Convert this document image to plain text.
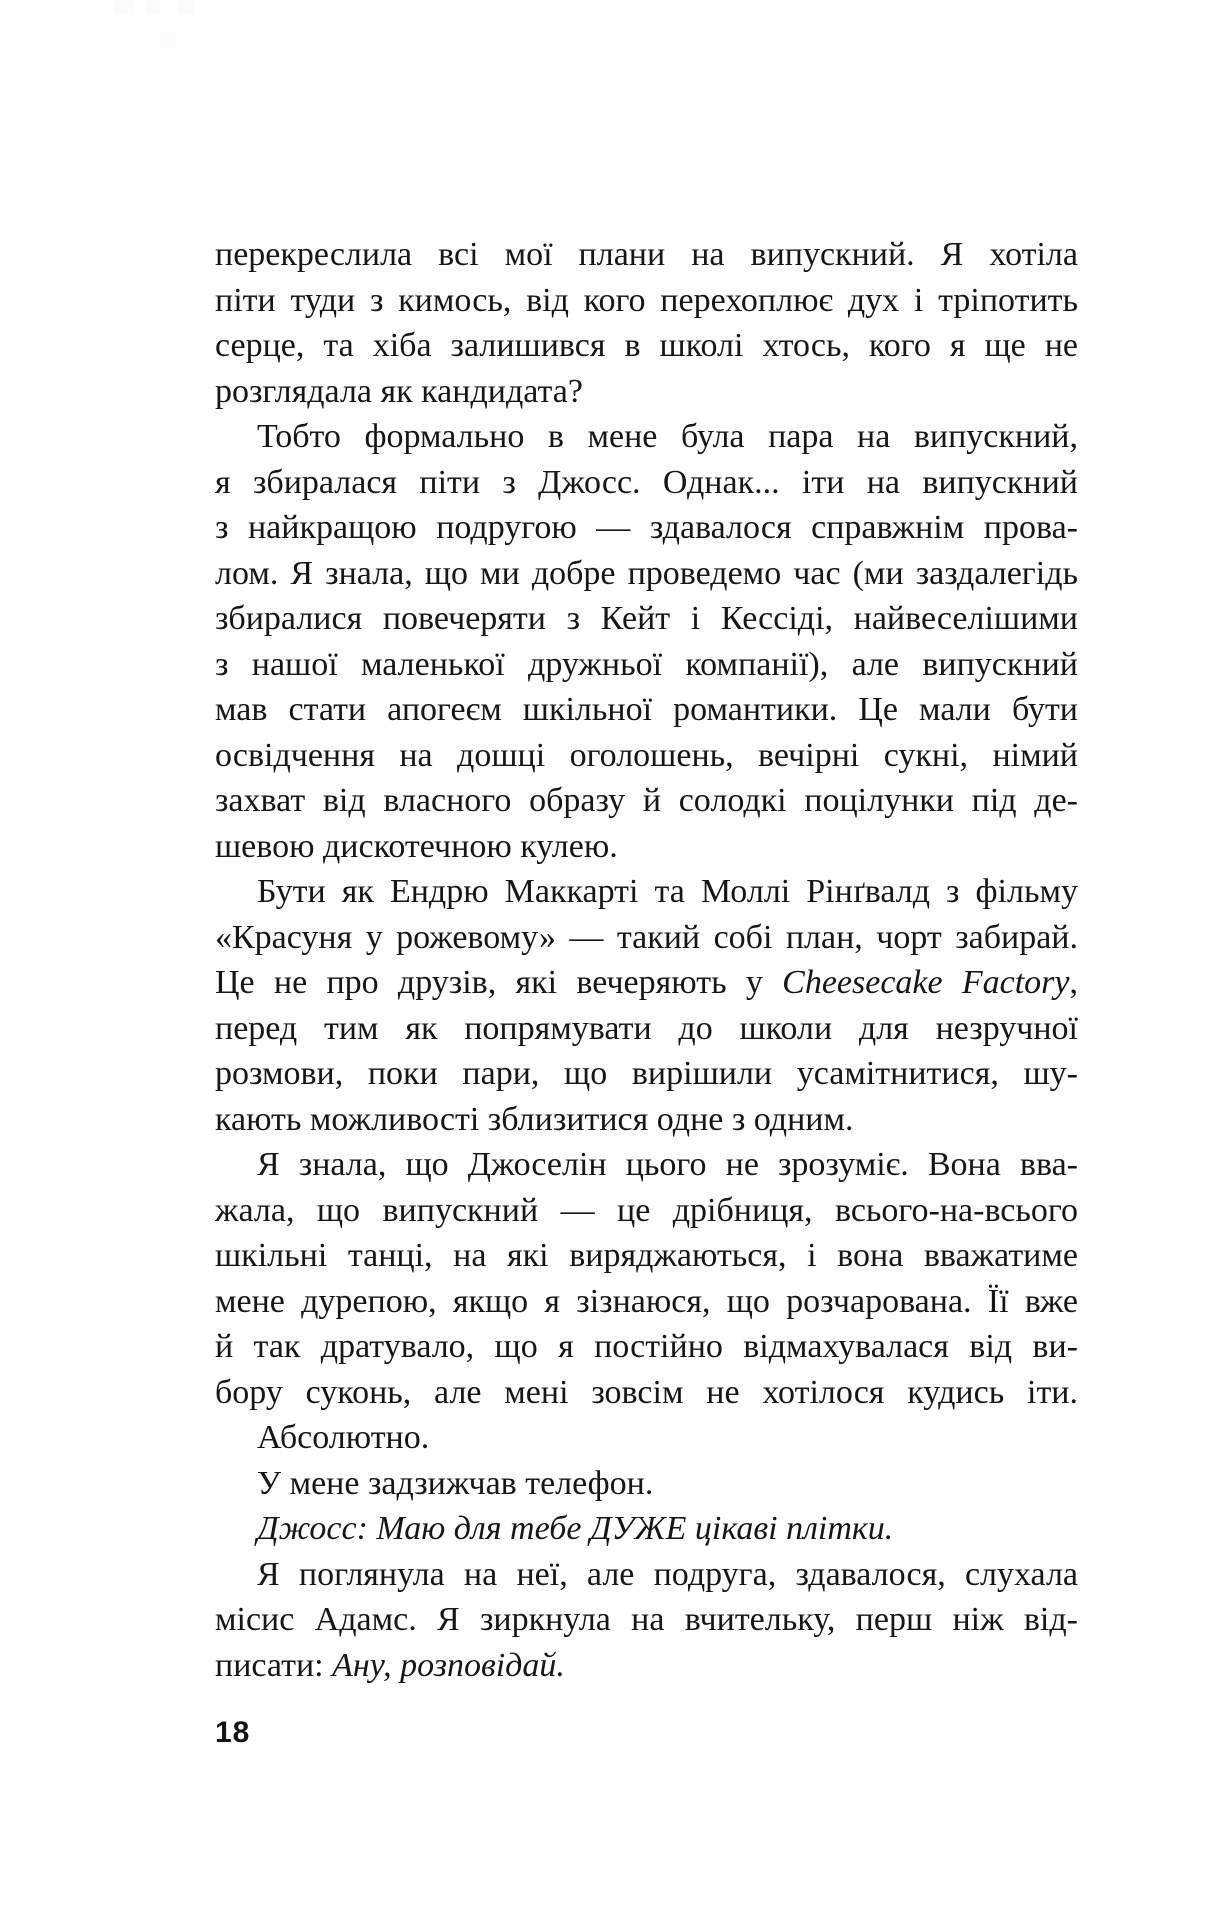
перекреслила всі мої плани на випускний. Я хотіла
піти туди з кимось, від кого перехоплює дух і тріпотить
серце, та хіба залишився в школі хтось, кого я ще не
розглядала як кандидата?
Тобто формально в мене була пара на випускний,
я збиралася піти з Джосс. Однак... іти на випускний
з найкращою подругою — здавалося справжнім прова-
лом. Я знала, що ми добре проведемо час (ми заздалегідь
збиралися повечеряти з Кейт і Кессіді, найвеселішими
з нашої маленької дружньої компанії), але випускний
мав стати апогеєм шкільної романтики. Це мали бути
освідчення на дошці оголошень, вечірні сукні, німий
захват від власного образу й солодкі поцілунки під де-
шевою дискотечною кулею.
Бути як Ендрю Маккарті та Моллі Рінґвалд з фільму
«Красуня у рожевому» — такий собі план, чорт забирай.
Це не про друзів, які вечеряють у Cheesecake Factory,
перед тим як попрямувати до школи для незручної
розмови, поки пари, що вирішили усамітнитися, шу-
кають можливості зблизитися одне з одним.
Я знала, що Джоселін цього не зрозуміє. Вона вва-
жала, що випускний — це дрібниця, всього-на-всього
шкільні танці, на які виряджаються, і вона вважатиме
мене дурепою, якщо я зізнаюся, що розчарована. Її вже
й так дратувало, що я постійно відмахувалася від ви-
бору суконь, але мені зовсім не хотілося кудись іти.
Абсолютно.
У мене задзижчав телефон.
Джосс: Маю для тебе ДУЖЕ цікаві плітки.
Я поглянула на неї, але подруга, здавалося, слухала
місис Адамс. Я зиркнула на вчительку, перш ніж від-
писати: Ану, розповідай.
18
